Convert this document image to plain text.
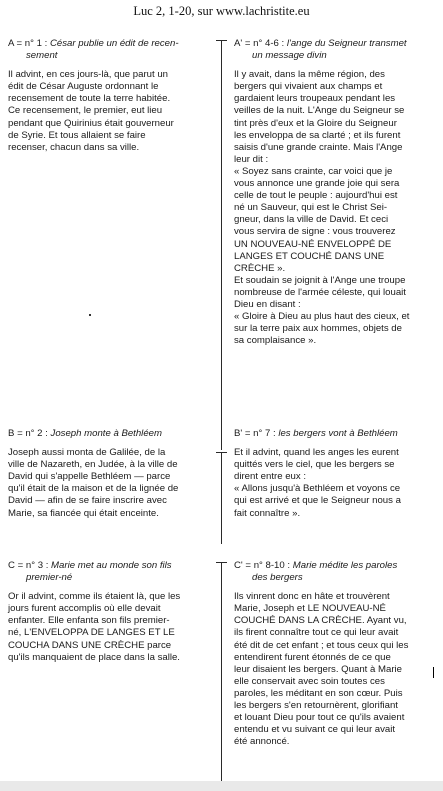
Luc 2, 1-20, sur www.lachristite.eu
A = n° 1 : César publie un édit de recen-
sement
Il advint, en ces jours-là, que parut un
édit de César Auguste ordonnant le
recensement de toute la terre habitée.
Ce recensement, le premier, eut lieu
pendant que Quirinius était gouverneur
de Syrie. Et tous allaient se faire
recenser, chacun dans sa ville.
A' = n° 4-6 : l'ange du Seigneur transmet
un message divin
Il y avait, dans la même région, des
bergers qui vivaient aux champs et
gardaient leurs troupeaux pendant les
veilles de la nuit. L'Ange du Seigneur se
tint près d'eux et la Gloire du Seigneur
les enveloppa de sa clarté ; et ils furent
saisis d'une grande crainte. Mais l'Ange
leur dit :
« Soyez sans crainte, car voici que je
vous annonce une grande joie qui sera
celle de tout le peuple : aujourd'hui est
né un Sauveur, qui est le Christ Sei-
gneur, dans la ville de David. Et ceci
vous servira de signe : vous trouverez
UN NOUVEAU-NÉ ENVELOPPÉ DE
LANGES ET COUCHÉ DANS UNE
CRÈCHE ».
Et soudain se joignit à l'Ange une troupe
nombreuse de l'armée céleste, qui louait
Dieu en disant :
« Gloire à Dieu au plus haut des cieux, et
sur la terre paix aux hommes, objets de
sa complaisance ».
B = n° 2 : Joseph monte à Bethléem
Joseph aussi monta de Galilée, de la
ville de Nazareth, en Judée, à la ville de
David qui s'appelle Bethléem — parce
qu'il était de la maison et de la lignée de
David — afin de se faire inscrire avec
Marie, sa fiancée qui était enceinte.
B' = n° 7 : les bergers vont à Bethléem
Et il advint, quand les anges les eurent
quittés vers le ciel, que les bergers se
dirent entre eux :
« Allons jusqu'à Bethléem et voyons ce
qui est arrivé et que le Seigneur nous a
fait connaître ».
C = n° 3 : Marie met au monde son fils
premier-né
Or il advint, comme ils étaient là, que les
jours furent accomplis où elle devait
enfanter. Elle enfanta son fils premier-
né, L'ENVELOPPA DE LANGES ET LE
COUCHA DANS UNE CRÈCHE parce
qu'ils manquaient de place dans la salle.
C' = n° 8-10 : Marie médite les paroles
des bergers
Ils vinrent donc en hâte et trouvèrent
Marie, Joseph et LE NOUVEAU-NÉ
COUCHÉ DANS LA CRÈCHE. Ayant vu,
ils firent connaître tout ce qui leur avait
été dit de cet enfant ; et tous ceux qui les
entendirent furent étonnés de ce que
leur disaient les bergers. Quant à Marie
elle conservait avec soin toutes ces
paroles, les méditant en son cœur. Puis
les bergers s'en retournèrent, glorifiant
et louant Dieu pour tout ce qu'ils avaient
entendu et vu suivant ce qui leur avait
été annoncé.
